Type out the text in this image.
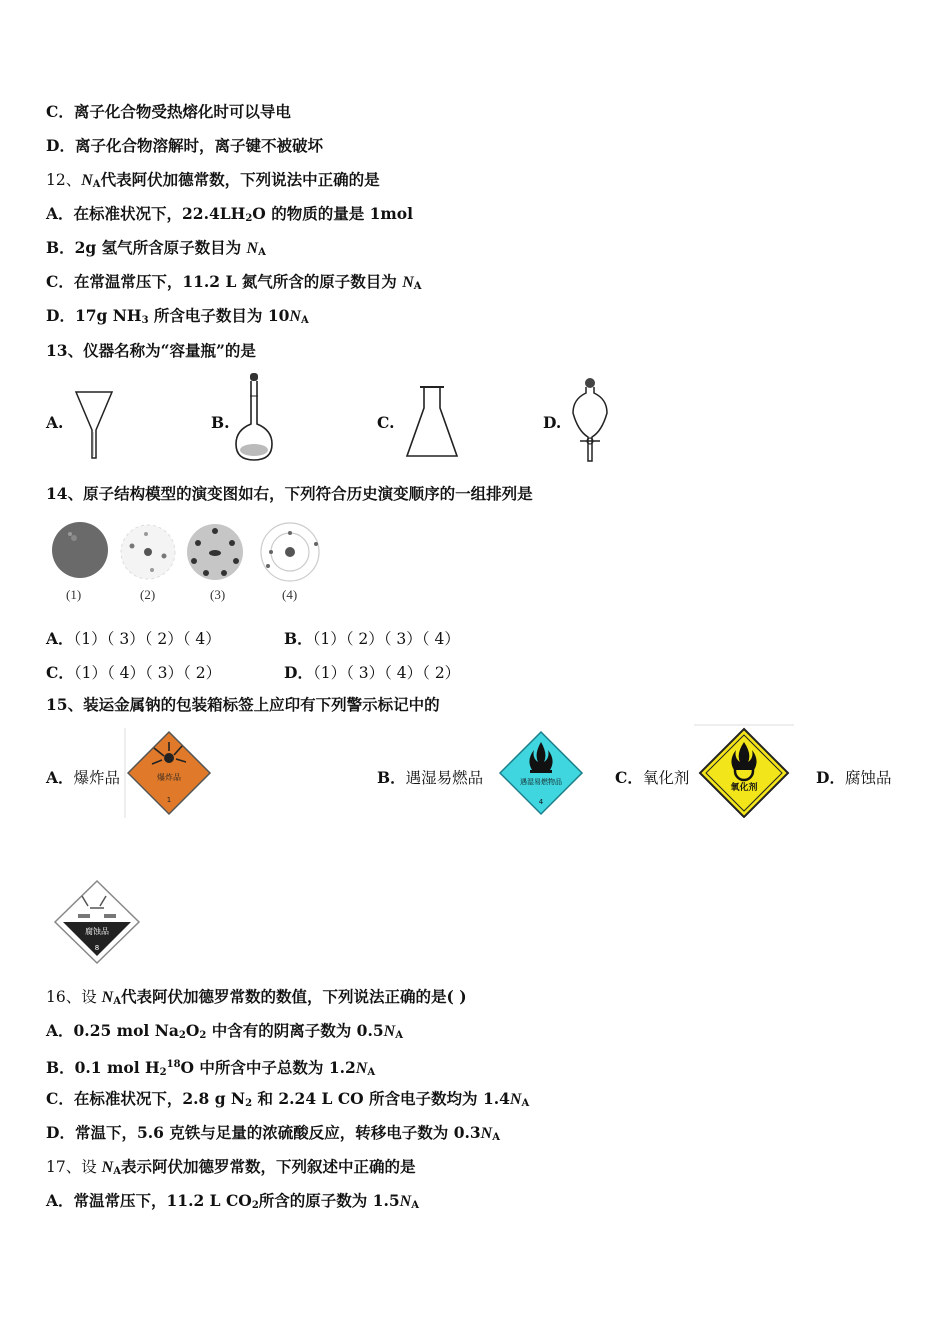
C．离子化合物受热熔化时可以导电
D．离子化合物溶解时，离子键不被破坏
12、$N_A$代表阿伏加德常数，下列说法中正确的是
A．在标准状况下，$22.4LH_2O$ 的物质的量是 1mol
B．2g 氢气所含原子数目为 $N_A$
C．在常温常压下，11.2 L 氮气所含的原子数目为 $N_A$
D．17g $NH_3$ 所含电子数目为 $10N_A$
13、仪器名称为“容量瓶”的是
A.	B.	C.	D.
14、原子结构模型的演变图如右，下列符合历史演变顺序的一组排列是
(1)	(2)	(3)	(4)
A．（1）（ 3）（ 2）（ 4）	B．（1）（ 2）（ 3）（ 4）
C．（1）（ 4）（ 3）（ 2）	D．（1）（ 3）（ 4）（ 2）
15、装运金属钠的包装箱标签上应印有下列警示标记中的
A．爆炸品	爆炸品
1
B．遇湿易燃品	遇湿易燃物品
4
C．氧化剂
氧化剂
D．腐蚀品
腐蚀品
8
16、设 $N_A$代表阿伏加德罗常数的数值，下列说法正确的是( )
A．0.25 mol $Na_2O_2$ 中含有的阴离子数为 $0.5N_A$
B．0.1 mol $H_2^{18}O$ 中所含中子总数为 $1.2N_A$
C．在标准状况下，2.8 g $N_2$ 和 2.24 L CO 所含电子数均为 $1.4N_A$
D．常温下，5.6 克铁与足量的浓硫酸反应，转移电子数为 $0.3N_A$
17、设 $N_A$表示阿伏加德罗常数，下列叙述中正确的是
A．常温常压下，11.2 L $CO_2$所含的原子数为 $1.5N_A$
